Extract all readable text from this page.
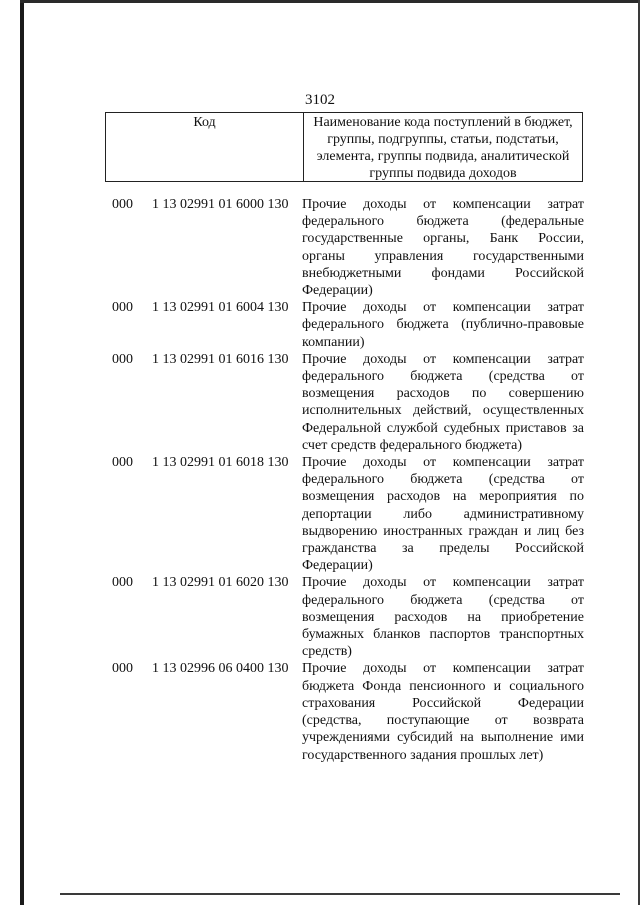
3102
Код	Наименование кода поступлений в бюджет, группы, подгруппы, статьи, подстатьи, элемента, группы подвида, аналитической группы подвида доходов
000	1 13 02991 01 6000 130 Прочие доходы от компенсации затрат
федерального бюджета (федеральные
государственные органы, Банк России,
органы управления государственными
внебюджетными фондами Российской
Федерации)
000	1 13 02991 01 6004 130 Прочие доходы от компенсации затрат
федерального бюджета (публично-правовые
компании)
000	1 13 02991 01 6016 130 Прочие доходы от компенсации затрат
федерального бюджета (средства от
возмещения расходов по совершению
исполнительных действий, осуществленных
Федеральной службой судебных приставов за
счет средств федерального бюджета)
000	1 13 02991 01 6018 130 Прочие доходы от компенсации затрат
федерального бюджета (средства от
возмещения расходов на мероприятия по
депортации либо административному
выдворению иностранных граждан и лиц без
гражданства за пределы Российской
Федерации)
000	1 13 02991 01 6020 130 Прочие доходы от компенсации затрат
федерального бюджета (средства от
возмещения расходов на приобретение
бумажных бланков паспортов транспортных
средств)
000	1 13 02996 06 0400 130 Прочие доходы от компенсации затрат
бюджета Фонда пенсионного и социального
страхования Российской Федерации
(средства, поступающие от возврата
учреждениями субсидий на выполнение ими
государственного задания прошлых лет)
